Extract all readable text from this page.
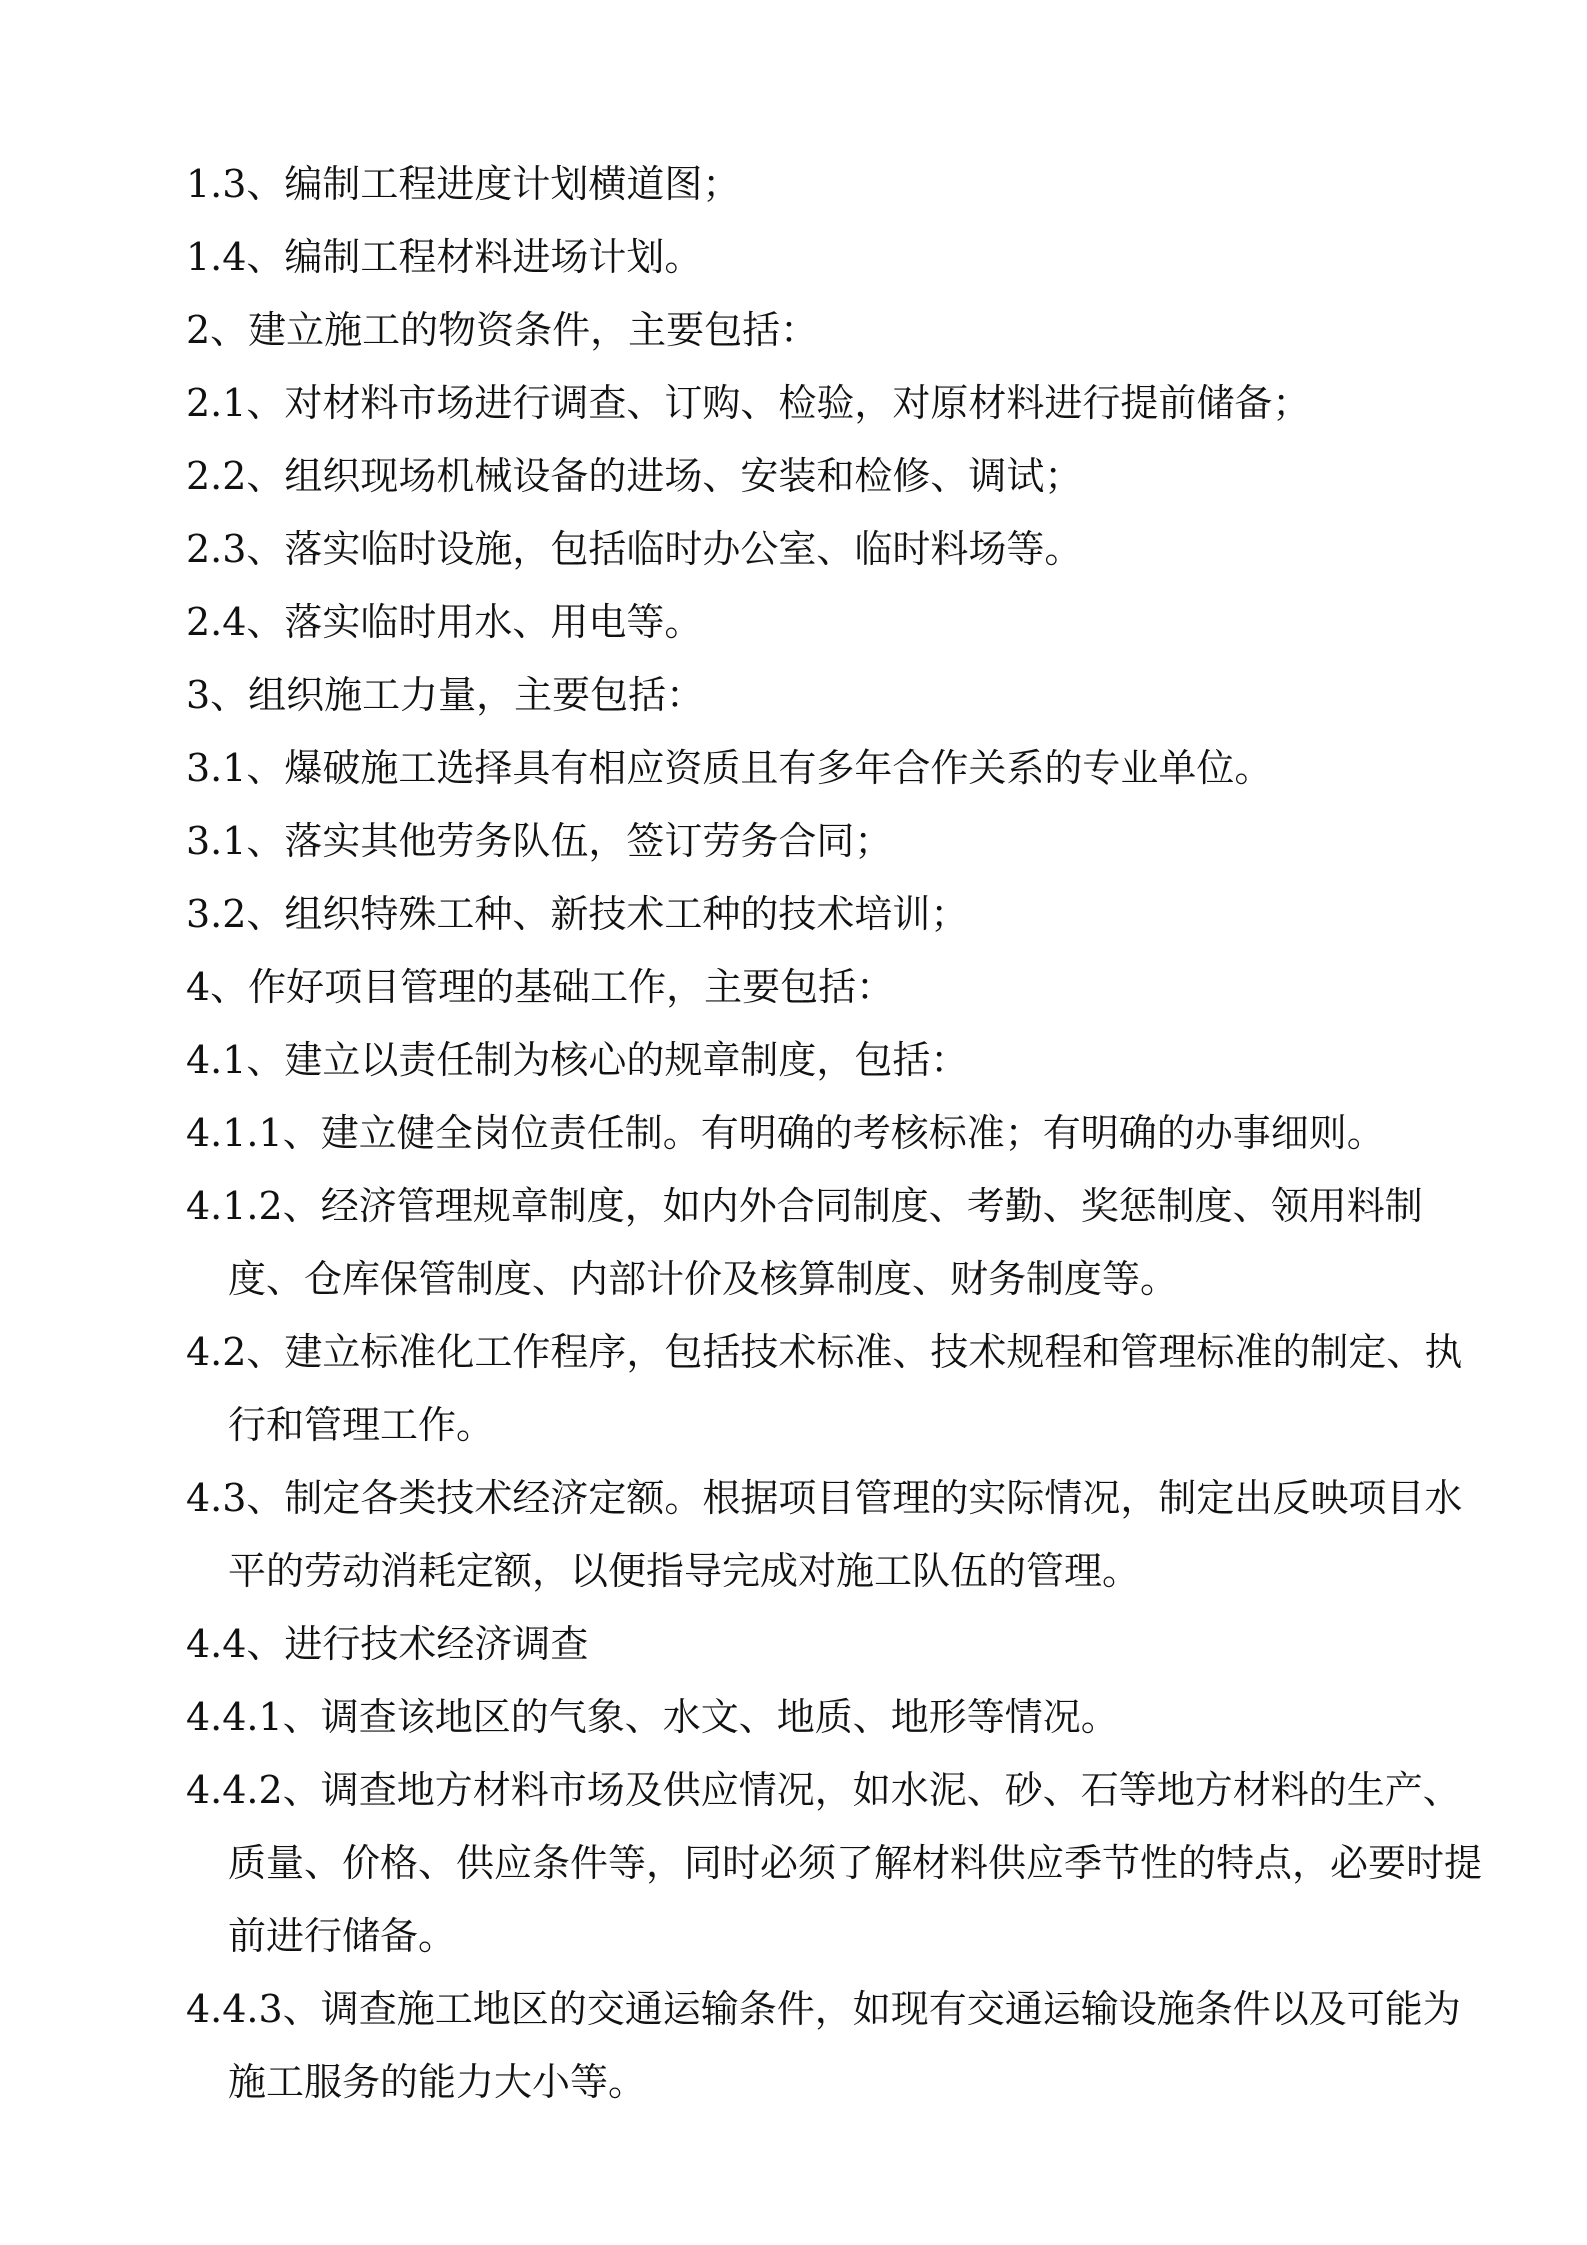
1.3、编制工程进度计划横道图；

1.4、编制工程材料进场计划。

2、建立施工的物资条件，主要包括：

2.1、对材料市场进行调查、订购、检验，对原材料进行提前储备；

2.2、组织现场机械设备的进场、安装和检修、调试；

2.3、落实临时设施，包括临时办公室、临时料场等。

2.4、落实临时用水、用电等。

3、组织施工力量，主要包括：

3.1、爆破施工选择具有相应资质且有多年合作关系的专业单位。

3.1、落实其他劳务队伍，签订劳务合同；

3.2、组织特殊工种、新技术工种的技术培训；

4、作好项目管理的基础工作，主要包括：

4.1、建立以责任制为核心的规章制度，包括：

4.1.1、建立健全岗位责任制。有明确的考核标准；有明确的办事细则。

4.1.2、经济管理规章制度，如内外合同制度、考勤、奖惩制度、领用料制度、仓库保管制度、内部计价及核算制度、财务制度等。

4.2、建立标准化工作程序，包括技术标准、技术规程和管理标准的制定、执行和管理工作。

4.3、制定各类技术经济定额。根据项目管理的实际情况，制定出反映项目水平的劳动消耗定额，以便指导完成对施工队伍的管理。

4.4、进行技术经济调查

4.4.1、调查该地区的气象、水文、地质、地形等情况。

4.4.2、调查地方材料市场及供应情况，如水泥、砂、石等地方材料的生产、质量、价格、供应条件等，同时必须了解材料供应季节性的特点，必要时提前进行储备。

4.4.3、调查施工地区的交通运输条件，如现有交通运输设施条件以及可能为施工服务的能力大小等。
